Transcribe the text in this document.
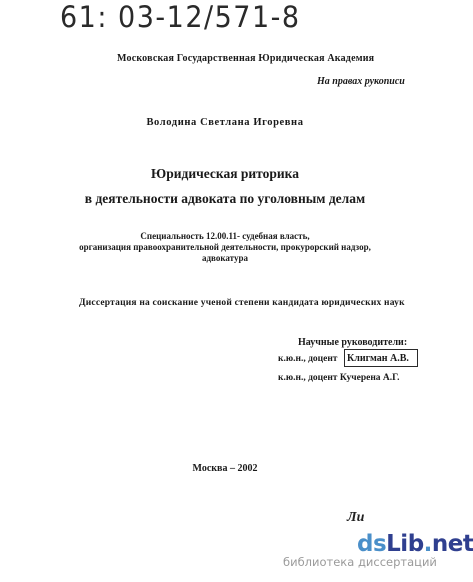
61: 03-12/571-8
Московская Государственная Юридическая Академия
На правах рукописи
Володина Светлана Игоревна
Юридическая риторика
в деятельности адвоката по уголовным делам
Специальность 12.00.11- судебная власть,
организация правоохранительной деятельности, прокурорский надзор,
адвокатура
Диссертация на соискание ученой степени кандидата юридических наук
Научные руководители:
к.ю.н., доцент Клигман А.В.
к.ю.н., доцент Кучерена А.Г.
Москва – 2002
Ли
dsLib.net
библиотека диссертаций
